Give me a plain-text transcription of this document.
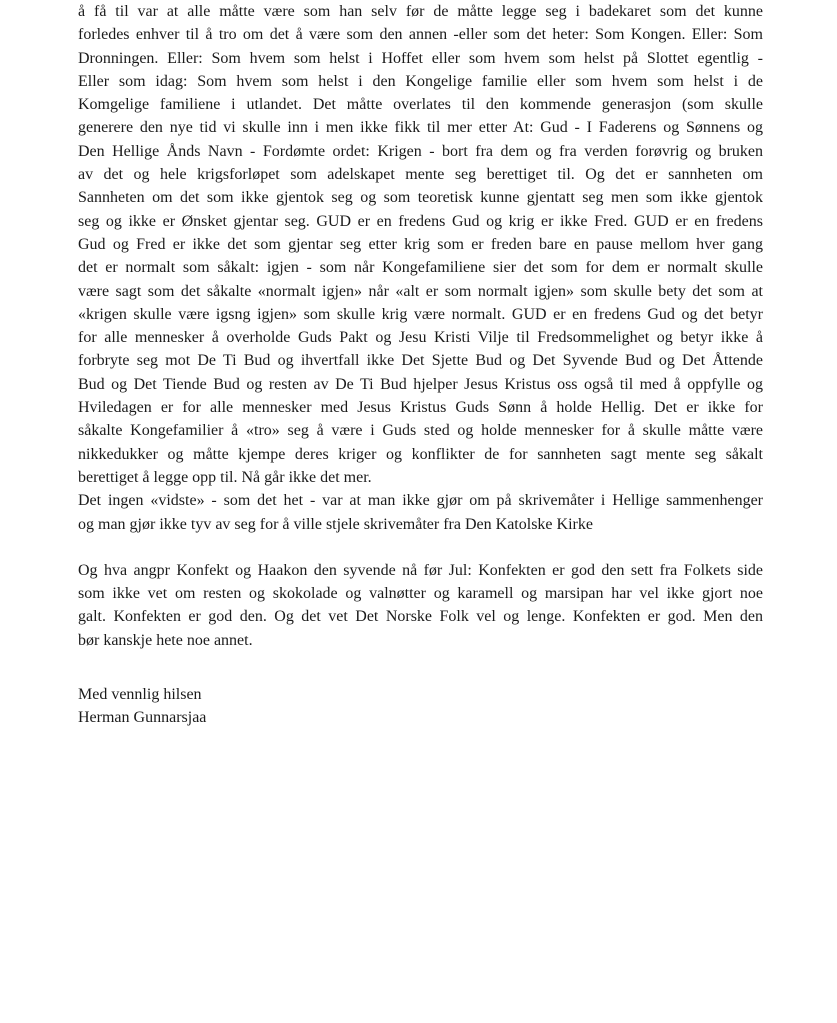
å få til var at alle måtte være som han selv før de måtte legge seg i badekaret som det kunne
forledes enhver til å tro om det å være som den annen -eller som det heter: Som Kongen. Eller: Som
Dronningen. Eller: Som hvem som helst i Hoffet eller som hvem som helst på Slottet egentlig -
Eller som idag: Som hvem som helst i den Kongelige familie eller som hvem som helst i de
Komgelige familiene i utlandet. Det måtte overlates til den kommende generasjon (som skulle
generere den nye tid vi skulle inn i men ikke fikk til mer etter At: Gud - I Faderens og Sønnens og
Den Hellige Ånds Navn - Fordømte ordet: Krigen - bort fra dem og fra verden forøvrig og bruken
av det og hele krigsforløpet som adelskapet mente seg berettiget til. Og det er sannheten om
Sannheten om det som ikke gjentok seg og som teoretisk kunne gjentatt seg men som ikke gjentok
seg og ikke er Ønsket gjentar seg. GUD er en fredens Gud og krig er ikke Fred. GUD er en fredens
Gud og Fred er ikke det som gjentar seg etter krig som er freden bare en pause mellom hver gang
det er normalt som såkalt: igjen - som når Kongefamiliene sier det som for dem er normalt skulle
være sagt som det såkalte «normalt igjen» når «alt er som normalt igjen» som skulle bety det som at
«krigen skulle være igsng igjen» som skulle krig være normalt. GUD er en fredens Gud og det betyr
for alle mennesker å overholde Guds Pakt og Jesu Kristi Vilje til Fredsommelighet og betyr ikke å
forbryte seg mot De Ti Bud og ihvertfall ikke Det Sjette Bud og Det Syvende Bud og Det Åttende
Bud og Det Tiende Bud og resten av De Ti Bud hjelper Jesus Kristus oss også til med å oppfylle og
Hviledagen er for alle mennesker med Jesus Kristus Guds Sønn å holde Hellig. Det er ikke for
såkalte Kongefamilier å «tro» seg å være i Guds sted og holde mennesker for å skulle måtte være
nikkedukker og måtte kjempe deres kriger og konflikter de for sannheten sagt mente seg såkalt
berettiget å legge opp til. Nå går ikke det mer.
Det ingen «vidste» - som det het - var at man ikke gjør om på skrivemåter i Hellige sammenhenger
og man gjør ikke tyv av seg for å ville stjele skrivemåter fra Den Katolske Kirke
Og hva angpr Konfekt og Haakon den syvende nå før Jul: Konfekten er god den sett fra Folkets side
som ikke vet om resten og skokolade og valnøtter og karamell og marsipan har vel ikke gjort noe
galt. Konfekten er god den. Og det vet Det Norske Folk vel og lenge. Konfekten er god. Men den
bør kanskje hete noe annet.
Med vennlig hilsen
Herman Gunnarsjaa
